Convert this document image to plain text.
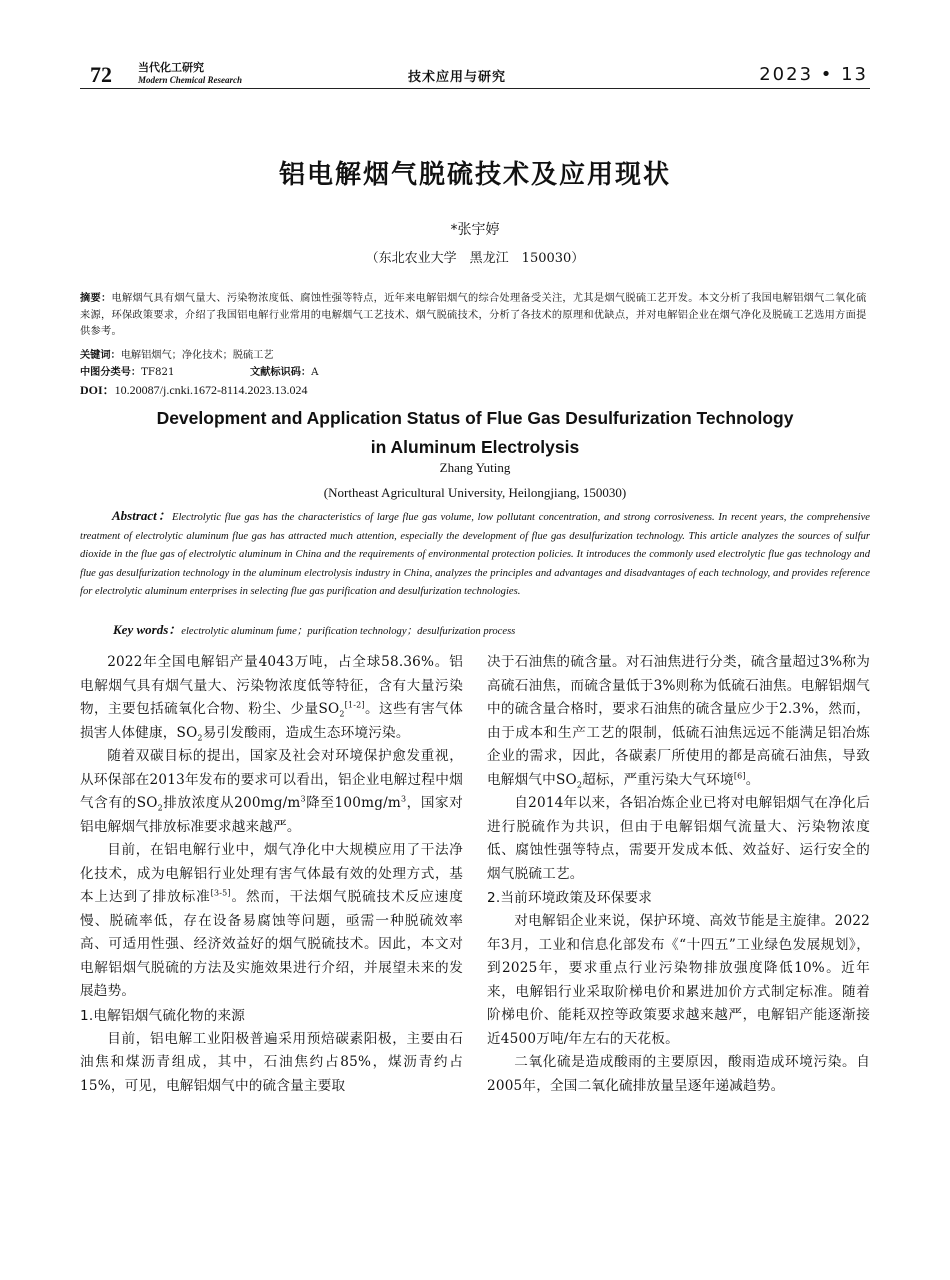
72 当代化工研究
Modern Chemical Research	技术应用与研究	2023 • 13
铝电解烟气脱硫技术及应用现状
*张宇婷
（东北农业大学　黑龙江　150030）
摘要：电解烟气具有烟气量大、污染物浓度低、腐蚀性强等特点，近年来电解铝烟气的综合处理备受关注，尤其是烟气脱硫工艺开发。本文分析了我国电解铝烟气二氧化硫来源，环保政策要求，介绍了我国铝电解行业常用的电解烟气工艺技术、烟气脱硫技术，分析了各技术的原理和优缺点，并对电解铝企业在烟气净化及脱硫工艺选用方面提供参考。
关键词：电解铝烟气；净化技术；脱硫工艺
中图分类号：TF821	文献标识码：A
DOI：10.20087/j.cnki.1672-8114.2023.13.024
Development and Application Status of Flue Gas Desulfurization Technology
in Aluminum Electrolysis
Zhang Yuting
(Northeast Agricultural University, Heilongjiang, 150030)
Abstract：Electrolytic flue gas has the characteristics of large flue gas volume, low pollutant concentration, and strong corrosiveness. In recent years, the comprehensive treatment of electrolytic aluminum flue gas has attracted much attention, especially the development of flue gas desulfurization technology. This article analyzes the sources of sulfur dioxide in the flue gas of electrolytic aluminum in China and the requirements of environmental protection policies. It introduces the commonly used electrolytic flue gas technology and flue gas desulfurization technology in the aluminum electrolysis industry in China, analyzes the principles and advantages and disadvantages of each technology, and provides reference for electrolytic aluminum enterprises in selecting flue gas purification and desulfurization technologies.
Key words：electrolytic aluminum fume；purification technology；desulfurization process

2022年全国电解铝产量4043万吨，占全球58.36%。铝电解烟气具有烟气量大、污染物浓度低等特征，含有大量污染物，主要包括硫氧化合物、粉尘、少量$SO_2[1-2]$。这些有害气体损害人体健康，$SO_2$易引发酸雨，造成生态环境污染。

随着双碳目标的提出，国家及社会对环境保护愈发重视，从环保部在2013年发布的要求可以看出，铝企业电解过程中烟气含有的$SO_2$排放浓度从$200mg/m^3$降至$100mg/m^3$，国家对铝电解烟气排放标准要求越来越严。

目前，在铝电解行业中，烟气净化中大规模应用了干法净化技术，成为电解铝行业处理有害气体最有效的处理方式，基本上达到了排放标准[3-5]。然而，干法烟气脱硫技术反应速度慢、脱硫率低，存在设备易腐蚀等问题，亟需一种脱硫效率高、可适用性强、经济效益好的烟气脱硫技术。因此，本文对电解铝烟气脱硫的方法及实施效果进行介绍，并展望未来的发展趋势。

1.电解铝烟气硫化物的来源

目前，铝电解工业阳极普遍采用预焙碳素阳极，主要由石油焦和煤沥青组成，其中，石油焦约占85%，煤沥青约占15%，可见，电解铝烟气中的硫含量主要取

决于石油焦的硫含量。对石油焦进行分类，硫含量超过3%称为高硫石油焦，而硫含量低于3%则称为低硫石油焦。电解铝烟气中的硫含量合格时，要求石油焦的硫含量应少于2.3%，然而，由于成本和生产工艺的限制，低硫石油焦远远不能满足铝冶炼企业的需求，因此，各碳素厂所使用的都是高硫石油焦，导致电解烟气中$SO_2$超标，严重污染大气环境[6]。

自2014年以来，各铝冶炼企业已将对电解铝烟气在净化后进行脱硫作为共识，但由于电解铝烟气流量大、污染物浓度低、腐蚀性强等特点，需要开发成本低、效益好、运行安全的烟气脱硫工艺。

2.当前环境政策及环保要求

对电解铝企业来说，保护环境、高效节能是主旋律。2022年3月，工业和信息化部发布《“十四五”工业绿色发展规划》，到2025年，要求重点行业污染物排放强度降低10%。近年来，电解铝行业采取阶梯电价和累进加价方式制定标准。随着阶梯电价、能耗双控等政策要求越来越严，电解铝产能逐渐接近4500万吨/年左右的天花板。

二氧化硫是造成酸雨的主要原因，酸雨造成环境污染。自2005年，全国二氧化硫排放量呈逐年递减趋势。
